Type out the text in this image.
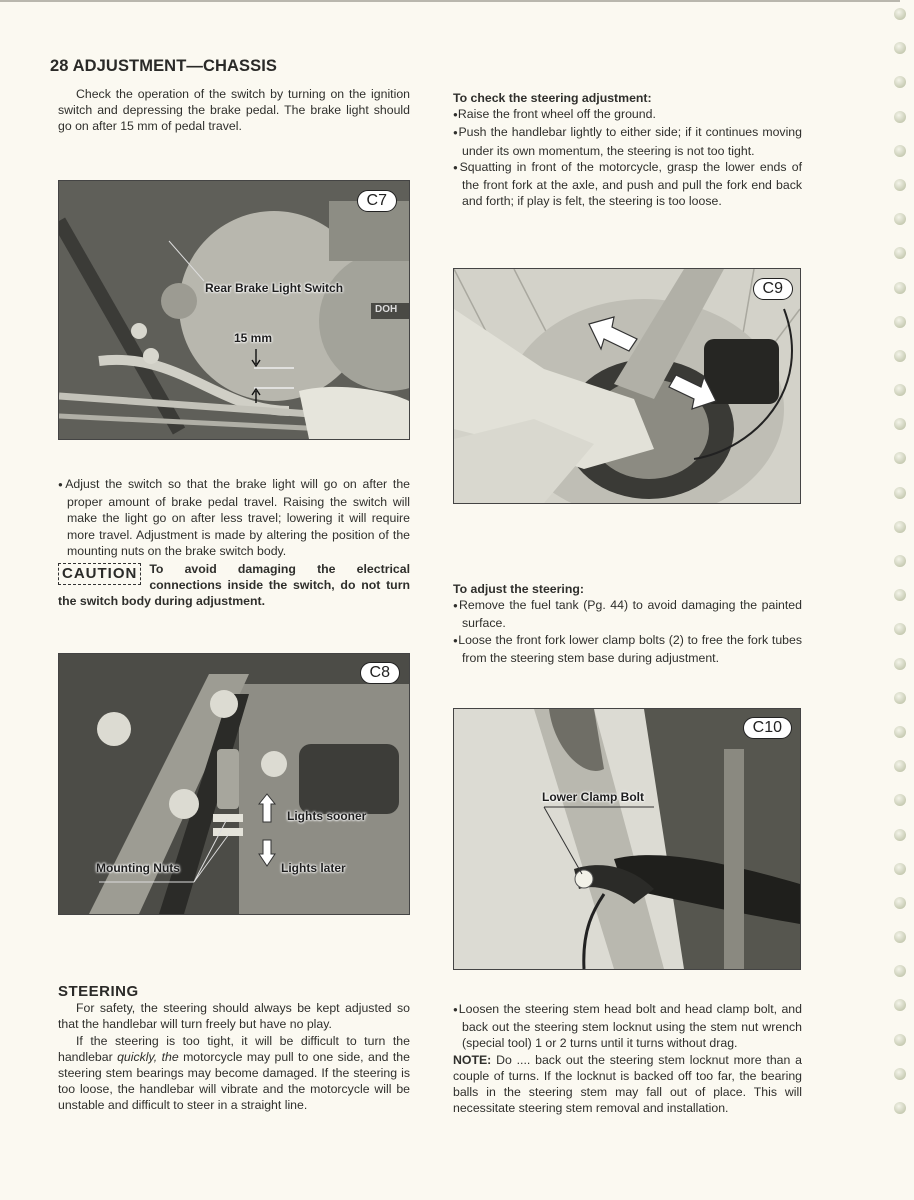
28 ADJUSTMENT—CHASSIS

Check the operation of the switch by turning on the ignition switch and depressing the brake pedal. The brake light should go on after 15 mm of pedal travel.

C7
Rear Brake Light Switch
15 mm
DOH

● Adjust the switch so that the brake light will go on after the proper amount of brake pedal travel. Raising the switch will make the light go on after less travel; lowering it will require more travel. Adjustment is made by altering the position of the mounting nuts on the brake switch body.

CAUTION To avoid damaging the electrical connections inside the switch, do not turn the switch body during adjustment.
C8
Lights sooner
Lights later
Mounting Nuts
STEERING

For safety, the steering should always be kept adjusted so that the handlebar will turn freely but have no play.

If the steering is too tight, it will be difficult to turn the handlebar quickly, the motorcycle may pull to one side, and the steering stem bearings may become damaged. If the steering is too loose, the handlebar will vibrate and the motorcycle will be unstable and difficult to steer in a straight line.

To check the steering adjustment:

● Raise the front wheel off the ground.

● Push the handlebar lightly to either side; if it continues moving under its own momentum, the steering is not too tight.

● Squatting in front of the motorcycle, grasp the lower ends of the front fork at the axle, and push and pull the fork end back and forth; if play is felt, the steering is too loose.

C9

To adjust the steering:

● Remove the fuel tank (Pg. 44) to avoid damaging the painted surface.

● Loose the front fork lower clamp bolts (2) to free the fork tubes from the steering stem base during adjustment.

C10
Lower Clamp Bolt

● Loosen the steering stem head bolt and head clamp bolt, and back out the steering stem locknut using the stem nut wrench (special tool) 1 or 2 turns until it turns without drag.

NOTE: Do .... back out the steering stem locknut more than a couple of turns. If the locknut is backed off too far, the bearing balls in the steering stem may fall out of place. This will necessitate steering stem removal and installation.
